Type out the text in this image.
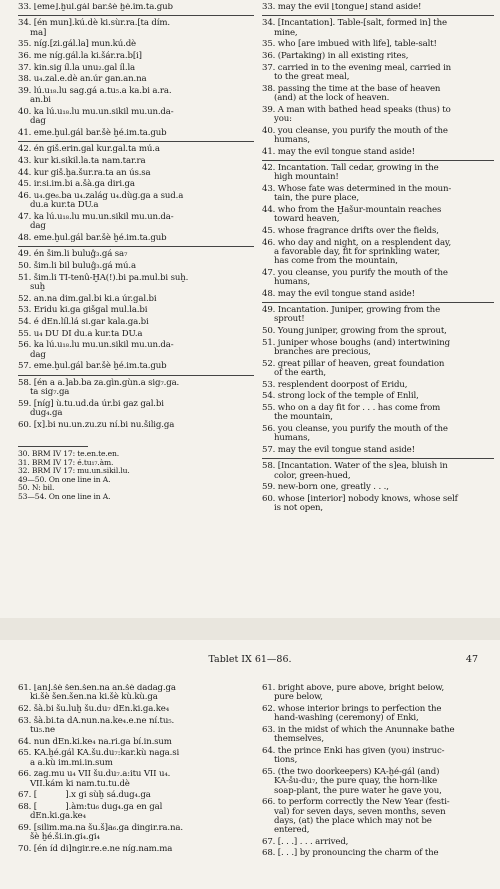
33. [eme].ḫul.gál bar.šè ḫé.im.ta.gub
34. [én mun].kú.dè ki.sùr.ra.[ta dím.
ma]
35. níg.[zi.gál.la] mun.kú.dè
36. me níg.gál.la ki.šár.ra.b[i]
37. kin.sig íl.la unu₂.gal íl.la
38. u₄.zal.e.dè an.úr gan.an.na
39. lú.u₁₈.lu sag.gá a.tu₅.a ka.bi a.ra.
an.bi
40. ka lú.u₁₈.lu mu.un.sikil mu.un.da-
dag
41. eme.ḫul.gál bar.šè ḫé.im.ta.gub
42. én giš.erin.gal kur.gal.ta mú.a
43. kur ki.sikil.la.ta nam.tar.ra
44. kur giš.ḫa.šur.ra.ta an ús.sa
45. ir.si.im.bi a.šà.ga diri.ga
46. u₄.ge₆.ba u₄.zalág u₄.dùg.ga a sud.a
du.a kur.ta DU.a
47. ka lú.u₁₈.lu mu.un.sikil mu.un.da-
dag
48. eme.ḫul.gál bar.šè ḫé.im.ta.gub
49. én šim.li buluĝ₃.gá sa₇
50. šim.li bil buluĝ₃.gá mú.a
51. šim.li TI-tenû-ḪA(!).bi pa.mul.bi suḫ.
suḫ
52. an.na dim.gal.bi ki.a úr.gal.bi
53. Eridu ki.ga gišgal mul.la.bi
54. é dEn.líl.lá si.gar kala.ga.bi
55. u₄ DU DI du.a kur.ta DU.a
56. ka lú.u₁₈.lu mu.un.sikil mu.un.da-
dag
57. eme.ḫul.gál bar.šè ḫé.im.ta.gub
58. [én a a.]ab.ba za.gìn.gùn.a sig₇.ga.
ta sig₇.ga
59. [níg] ù.tu.ud.da úr.bi gaz gal.bi
dug₄.ga
60. [x].bi nu.un.zu.zu ní.bi nu.šilig.ga
30. BRM IV 17: te.en.te.en.
31. BRM IV 17: é.tu₁₇.àm.
32. BRM IV 17: mu.un.sikil.lu.
49—50. On one line in A.
50. N: bil.
53—54. On one line in A.
33. may the evil [tongue] stand aside!
34. [Incantation]. Table-[salt, formed in] the
mine,
35. who [are imbued with life], table-salt!
36. (Partaking) in all existing rites,
37. carried in to the evening meal, carried in
to the great meal,
38. passing the time at the base of heaven
(and) at the lock of heaven.
39. A man with bathed head speaks (thus) to
you:
40. you cleanse, you purify the mouth of the
humans,
41. may the evil tongue stand aside!
42. Incantation. Tall cedar, growing in the
high mountain!
43. Whose fate was determined in the moun-
tain, the pure place,
44. who from the Ḫašur-mountain reaches
toward heaven,
45. whose fragrance drifts over the fields,
46. who day and night, on a resplendent day,
a favorable day, fit for sprinkling water,
has come from the mountain,
47. you cleanse, you purify the mouth of the
humans,
48. may the evil tongue stand aside!
49. Incantation. Juniper, growing from the
sprout!
50. Young juniper, growing from the sprout,
51. juniper whose boughs (and) intertwining
branches are precious,
52. great pillar of heaven, great foundation
of the earth,
53. resplendent doorpost of Eridu,
54. strong lock of the temple of Enlil,
55. who on a day fit for . . . has come from
the mountain,
56. you cleanse, you purify the mouth of the
humans,
57. may the evil tongue stand aside!
58. [Incantation. Water of the s]ea, bluish in
color, green-hued,
59. new-born one, greatly . . .,
60. whose [interior] nobody knows, whose self
is not open,
Tablet IX 61—86.	47
61. [an].šè šen.šen.na an.šè dadag.ga
ki.šè šen.šen.na ki.šè kù.kù.ga
62. šà.bi šu.luḫ šu.du₇ dEn.ki.ga.ke₄
63. šà.bi.ta dA.nun.na.ke₄.e.ne ní.tu₅.
tu₅.ne
64. nun dEn.ki.ke₄ na.ri.ga bí.in.sum
65. KA.ḫé.gál KA.šu.du₇:kar.kù naga.si
a a.kù im.mi.in.sum
66. zag.mu u₄ VII šu.du₇.a:itu VII u₄.
VII.kám ki nam.tu.tu.dè
67. [           ].x gi sùḫ sá.dug₄.ga
68. [           ].àm:tu₆ dug₄.ga en gal
dEn.ki.ga.ke₄
69. [silim.ma.na šu.š]a₆.ga dingir.ra.na.
šè ḫé.ši.in.gi₄.gi₄
70. [én íd di]ngir.re.e.ne níg.nam.ma
61. bright above, pure above, bright below,
pure below,
62. whose interior brings to perfection the
hand-washing (ceremony) of Enki,
63. in the midst of which the Anunnake bathe
themselves,
64. the prince Enki has given (you) instruc-
tions,
65. (the two doorkeepers) KA-ḫé-gál (and)
KA-šu-du₇, the pure quay, the horn-like
soap-plant, the pure water he gave you,
66. to perform correctly the New Year (festi-
val) for seven days, seven months, seven
days, (at) the place which may not be
entered,
67. [. . .] . . . arrived,
68. [. . .] by pronouncing the charm of the
